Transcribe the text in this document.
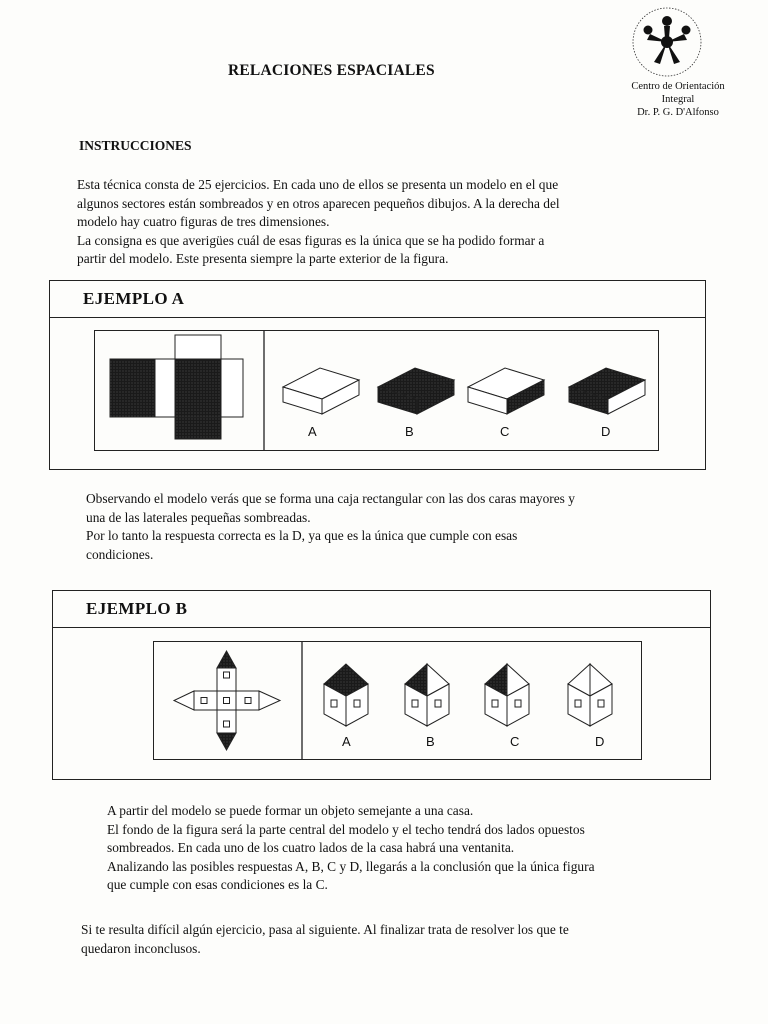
RELACIONES ESPACIALES
Centro de Orientación
Integral
Dr. P. G. D'Alfonso
INSTRUCCIONES
Esta técnica consta de 25 ejercicios. En cada uno de ellos se presenta un modelo en el que
algunos sectores están sombreados y en otros aparecen pequeños dibujos. A la derecha del
modelo hay cuatro figuras de tres dimensiones.
La consigna es que averigües cuál de esas figuras es la única que se ha podido formar a
partir del modelo. Este presenta siempre la parte exterior de la figura.
EJEMPLO A
A	B	C	D
Observando el modelo verás que se forma una caja rectangular con las dos caras mayores y
una de las laterales pequeñas sombreadas.
Por lo tanto la respuesta correcta es la D, ya que es la única que cumple con esas
condiciones.
EJEMPLO B
A	B	C	D
A partir del modelo se puede formar un objeto semejante a una casa.
El fondo de la figura será la parte central del modelo y el techo tendrá dos lados opuestos
sombreados. En cada uno de los cuatro lados de la casa habrá una ventanita.
Analizando las posibles respuestas A, B, C y D, llegarás a la conclusión que la única figura
que cumple con esas condiciones es la C.
Si te resulta difícil algún ejercicio, pasa al siguiente. Al finalizar trata de resolver los que te
quedaron inconclusos.
